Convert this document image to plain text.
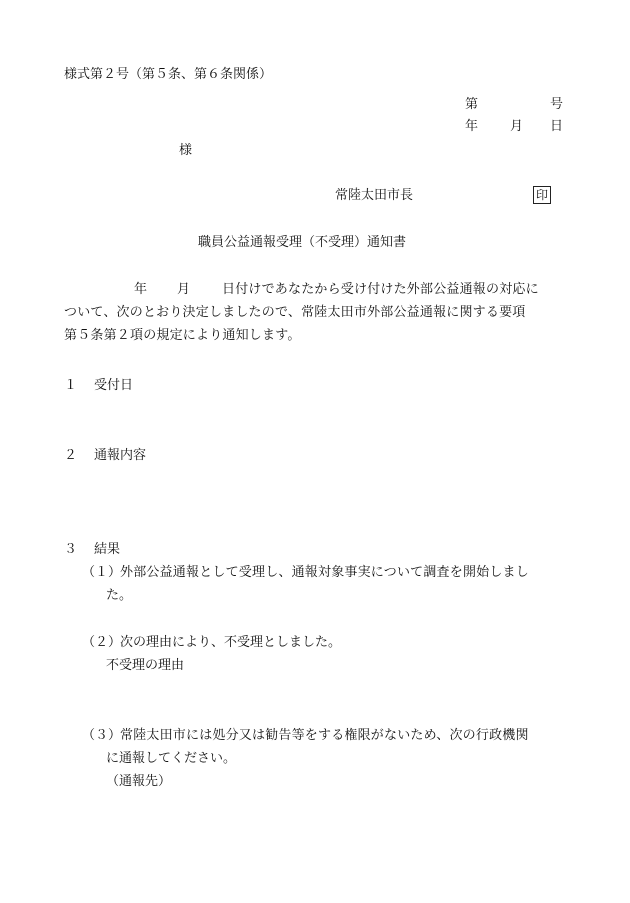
様式第２号（第５条、第６条関係）
第	号
年 月 日
様
常陸太田市長	印
職員公益通報受理（不受理）通知書
年 月 日付けであなたから受け付けた外部公益通報の対応に
ついて、次のとおり決定しましたので、常陸太田市外部公益通報に関する要項
第５条第２項の規定により通知します。
１ 受付日
２ 通報内容
３ 結果
（１）
外部公益通報として受理し、通報対象事実について調査を開始しまし
た。
（２）
次の理由により、不受理としました。
不受理の理由
（３）
常陸太田市には処分又は勧告等をする権限がないため、次の行政機関
に通報してください。
（通報先）
